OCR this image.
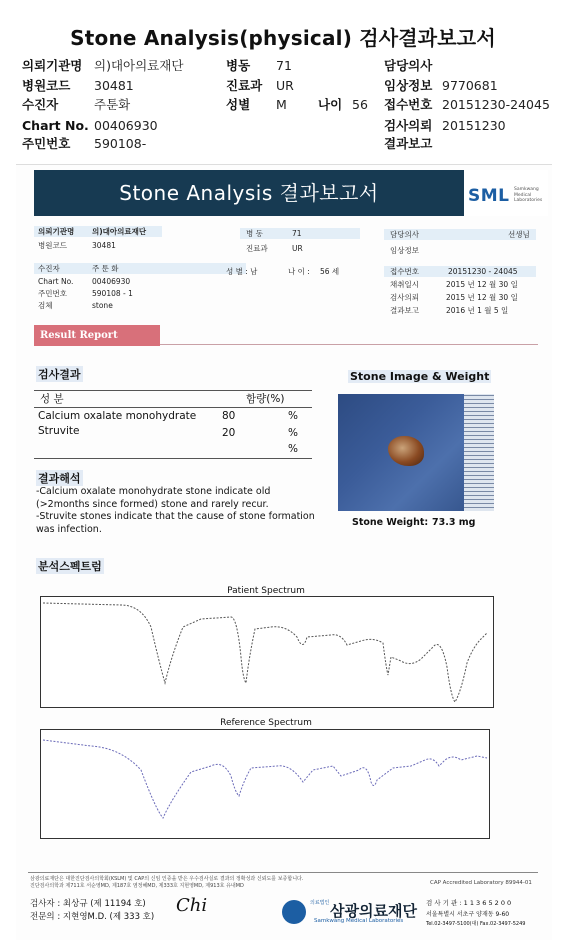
Stone Analysis(physical) 검사결과보고서
의뢰기관명 의)대아의료재단	병동 71	담당의사
병원코드 30481	진료과 UR	임상정보 9770681
수진자	주툰화	성별 M 나이 56 접수번호 20151230-24045
Chart No. 00406930	검사의뢰 20151230
주민번호 590108-	결과보고
Stone Analysis 결과보고서	SML Samkwang
Medical
Laboratories
의뢰기관명 의)대아의료재단	병 동	71	담당의사	선생님
병원코드	30481	진료과	UR	임상정보
수진자	주 툰 화	성 별 : 남	나 이 : 56 세	접수번호	20151230 - 24045
Chart No. 00406930	채취일시	2015 년 12 월 30 일
주민번호	590108 - 1	검사의뢰	2015 년 12 월 30 일
검체	stone
결과보고	2016 년 1 월 5 일
Result Report
검사결과
성 분	함량(%)
Calcium oxalate monohydrate 80	%
Struvite	20	%
%
Stone Image & Weight
Stone Weight: 73.3 mg
결과해석
-Calcium oxalate monohydrate stone indicate old
(>2months since formed) stone and rarely recur.
-Struvite stones indicate that the cause of stone formation
was infection.
분석스펙트럼
Patient Spectrum
Reference Spectrum
삼광의료재단은 대한진단검사의학회(KSLM) 및 CAP의 신임 인증을 받은 우수검사실로 결과의 정확성과 신뢰도를 보증합니다.
진단검사의학과 제711호 서순영MD, 제187호 염정혜MD, 제333호 지현영MD, 제913호 유내MD	CAP Accredited Laboratory 89944-01
검사자 : 최상규 (제 11194 호)
전문의 : 지현영M.D. (제 333 호)
Chi	의료법인 삼광의료재단
Samkwang Medical Laboratories
검 사 기 관 : 1 1 3 6 5 2 0 0
서울특별시 서초구 양재동 9-60
Tel.02-3497-5100(대) Fax.02-3497-5249
